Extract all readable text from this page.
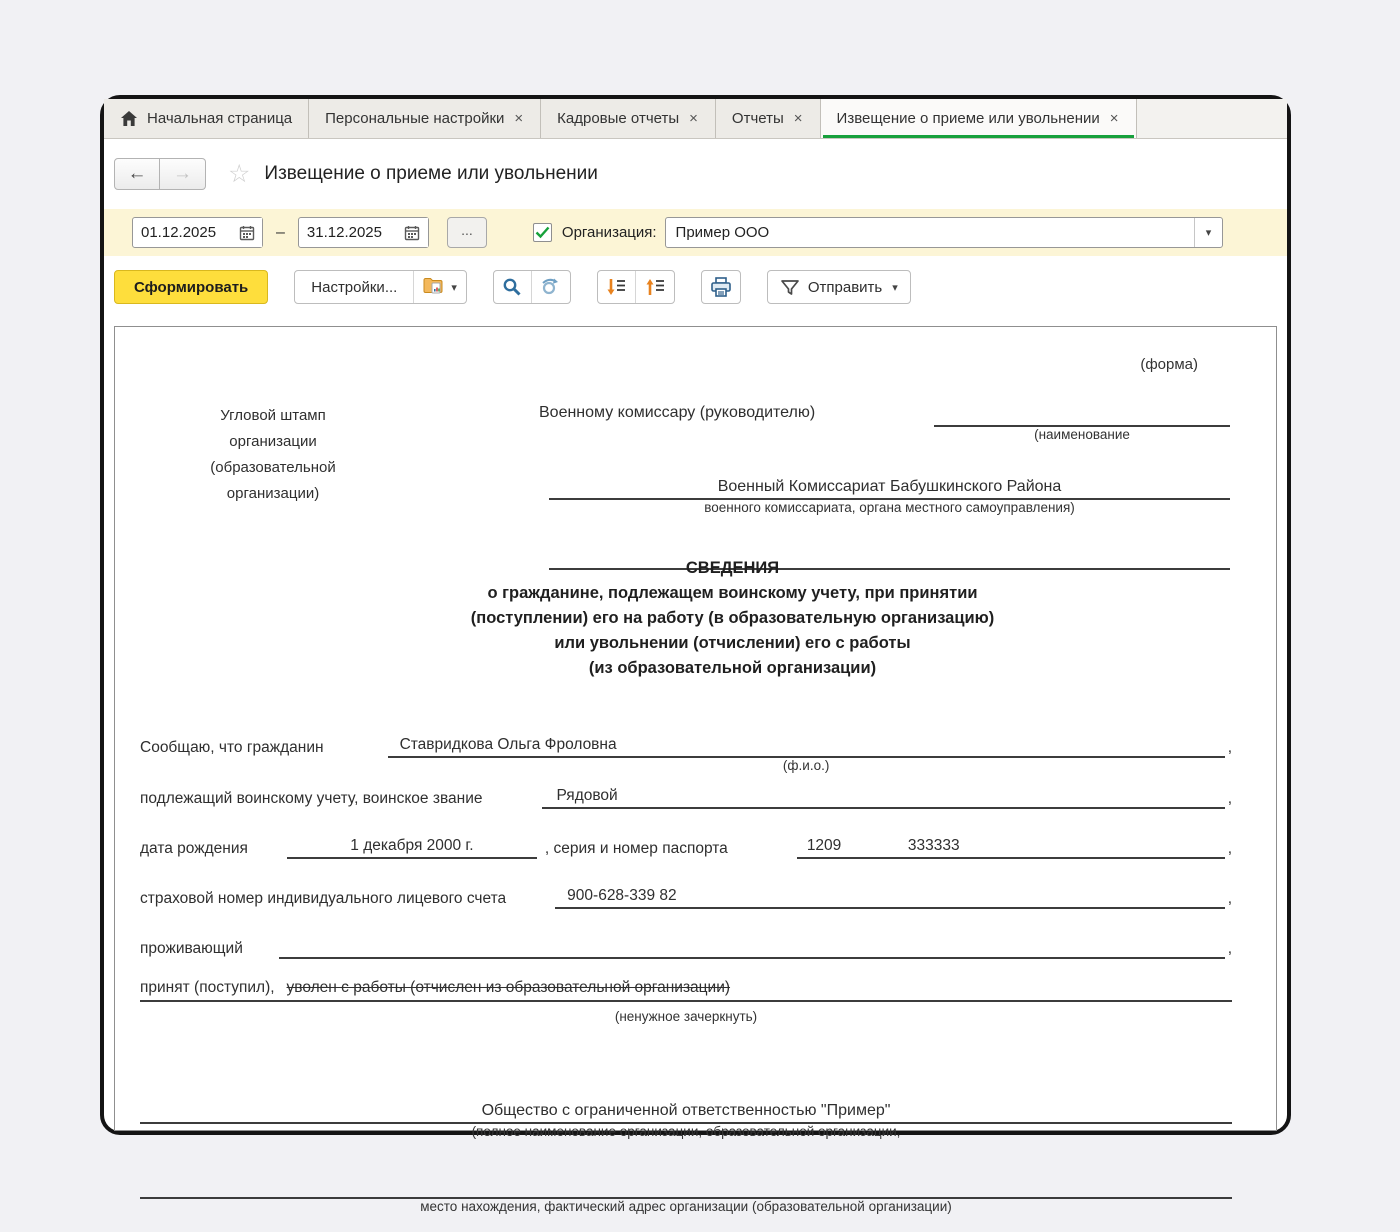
Начальная страница Персональные настройки × Кадровые отчеты × Отчеты × Извещение о приеме или увольнении ×
← → ☆ Извещение о приеме или увольнении
01.12.2025
–
31.12.2025	...	Организация:	Пример ООО	▾
Сформировать	Настройки...	▾	Отправить ▾
(форма)
Угловой штамп
организации
(образовательной
организации)
Военному комиссару (руководителю)
(наименование
Военный Комиссариат Бабушкинского Района
военного комиссариата, органа местного самоуправления)
СВЕДЕНИЯ
о гражданине, подлежащем воинскому учету, при принятии
(поступлении) его на работу (в образовательную организацию)
или увольнении (отчислении) его с работы
(из образовательной организации)
Сообщаю, что гражданин	Ставридкова Ольга Фроловна
(ф.и.о.)
,
подлежащий воинскому учету, воинское звание	Рядовой	,
дата рождения	1 декабря 2000 г.	, серия и номер паспорта	1209	333333	,
страховой номер индивидуального лицевого счета	900-628-339 82	,
проживающий	,
принят (поступил), уволен с работы (отчислен из образовательной организации)
(ненужное зачеркнуть)
Общество с ограниченной ответственностью "Пример"
(полное наименование организации, образовательной организации,
место нахождения, фактический адрес организации (образовательной организации)
